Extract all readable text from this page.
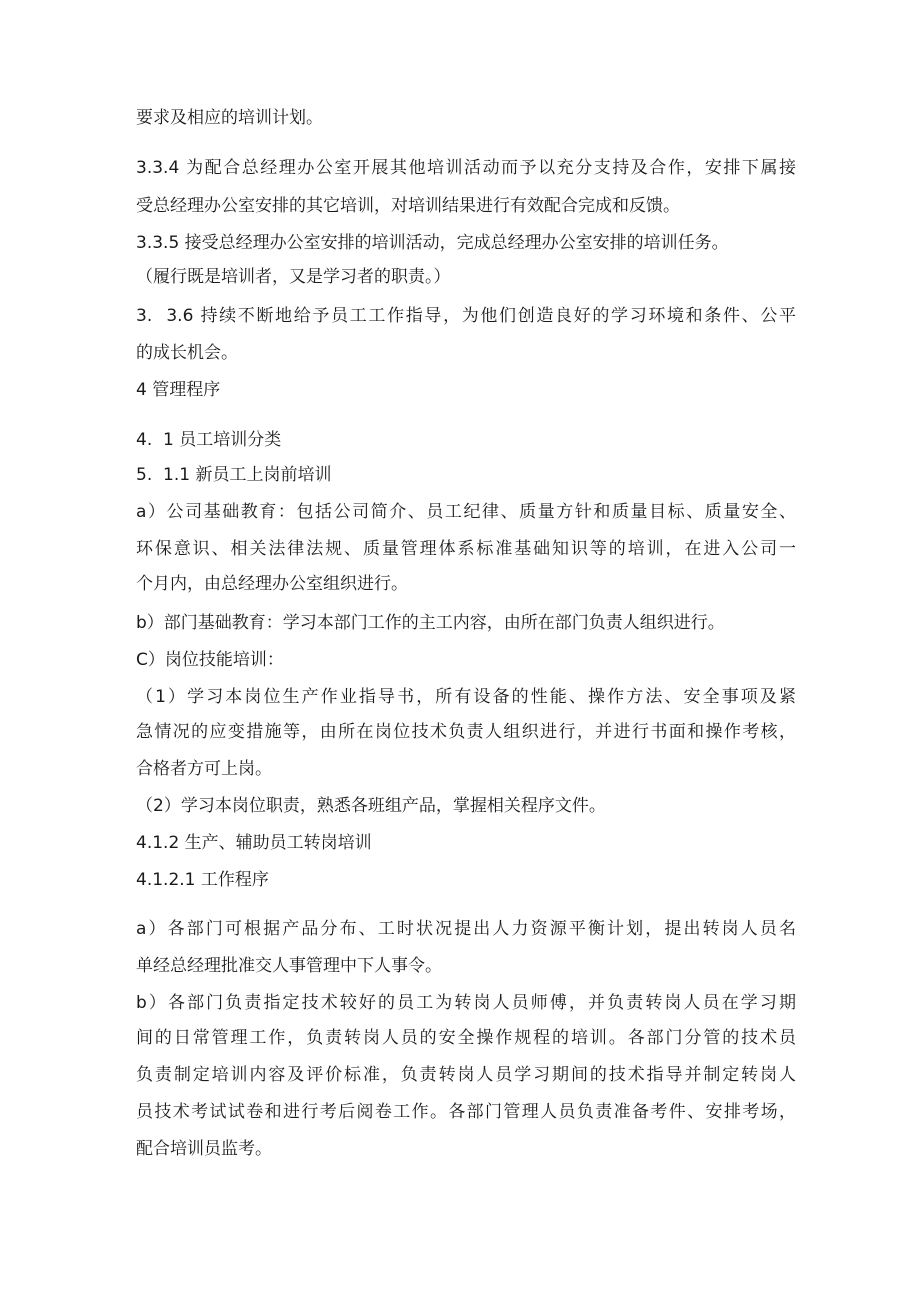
要求及相应的培训计划。
3.3.4 为配合总经理办公室开展其他培训活动而予以充分支持及合作，安排下属接
受总经理办公室安排的其它培训，对培训结果进行有效配合完成和反馈。
3.3.5 接受总经理办公室安排的培训活动，完成总经理办公室安排的培训任务。
（履行既是培训者，又是学习者的职责。）
3.  3.6 持续不断地给予员工工作指导，为他们创造良好的学习环境和条件、公平
的成长机会。
4 管理程序
4.  1 员工培训分类
5.  1.1 新员工上岗前培训
a）公司基础教育：包括公司简介、员工纪律、质量方针和质量目标、质量安全、
环保意识、相关法律法规、质量管理体系标准基础知识等的培训，在进入公司一
个月内，由总经理办公室组织进行。
b）部门基础教育：学习本部门工作的主工内容，由所在部门负责人组织进行。
C）岗位技能培训：
（1）学习本岗位生产作业指导书，所有设备的性能、操作方法、安全事项及紧
急情况的应变措施等，由所在岗位技术负责人组织进行，并进行书面和操作考核，
合格者方可上岗。
（2）学习本岗位职责，熟悉各班组产品，掌握相关程序文件。
4.1.2 生产、辅助员工转岗培训
4.1.2.1 工作程序
a）各部门可根据产品分布、工时状况提出人力资源平衡计划，提出转岗人员名
单经总经理批准交人事管理中下人事令。
b）各部门负责指定技术较好的员工为转岗人员师傅，并负责转岗人员在学习期
间的日常管理工作，负责转岗人员的安全操作规程的培训。各部门分管的技术员
负责制定培训内容及评价标准，负责转岗人员学习期间的技术指导并制定转岗人
员技术考试试卷和进行考后阅卷工作。各部门管理人员负责准备考件、安排考场，
配合培训员监考。
